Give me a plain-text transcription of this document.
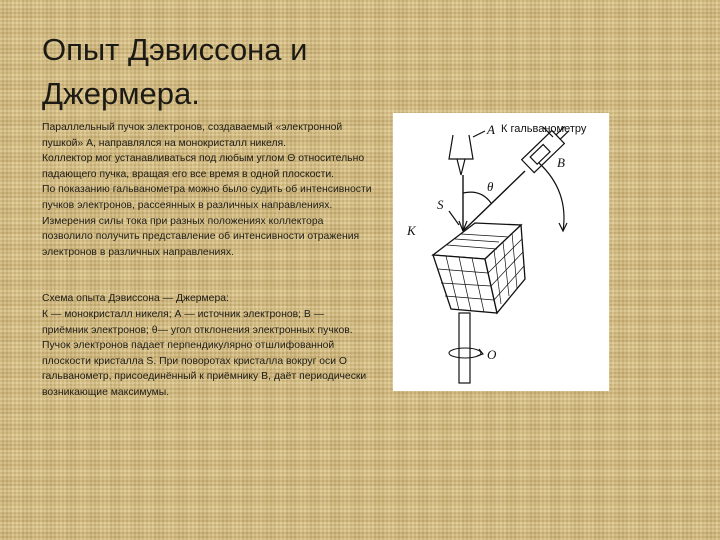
Опыт Дэвиссона и
Джермера.

Параллельный пучок электронов, создаваемый «электронной пушкой» А, направлялся на монокристалл никеля.

Коллектор мог устанавливаться под любым углом Θ относительно падающего пучка, вращая его все время в одной плоскости.

По показанию гальванометра можно было судить об интенсивности пучков электронов, рассеянных в различных направлениях. Измерения силы тока при разных положениях коллектора позволило получить представление об интенсивности отражения электронов в различных направлениях.

Схема опыта Дэвиссона — Джермера:

К — монокристалл никеля; А — источник электронов; В — приёмник электронов; θ— угол отклонения электронных пучков. Пучок электронов падает перпендикулярно отшлифованной плоскости кристалла S. При поворотах кристалла вокруг оси О гальванометр, присоединённый к приёмнику В, даёт периодически возникающие максимумы.

А К гальванометру
В
θ
S
К
О
